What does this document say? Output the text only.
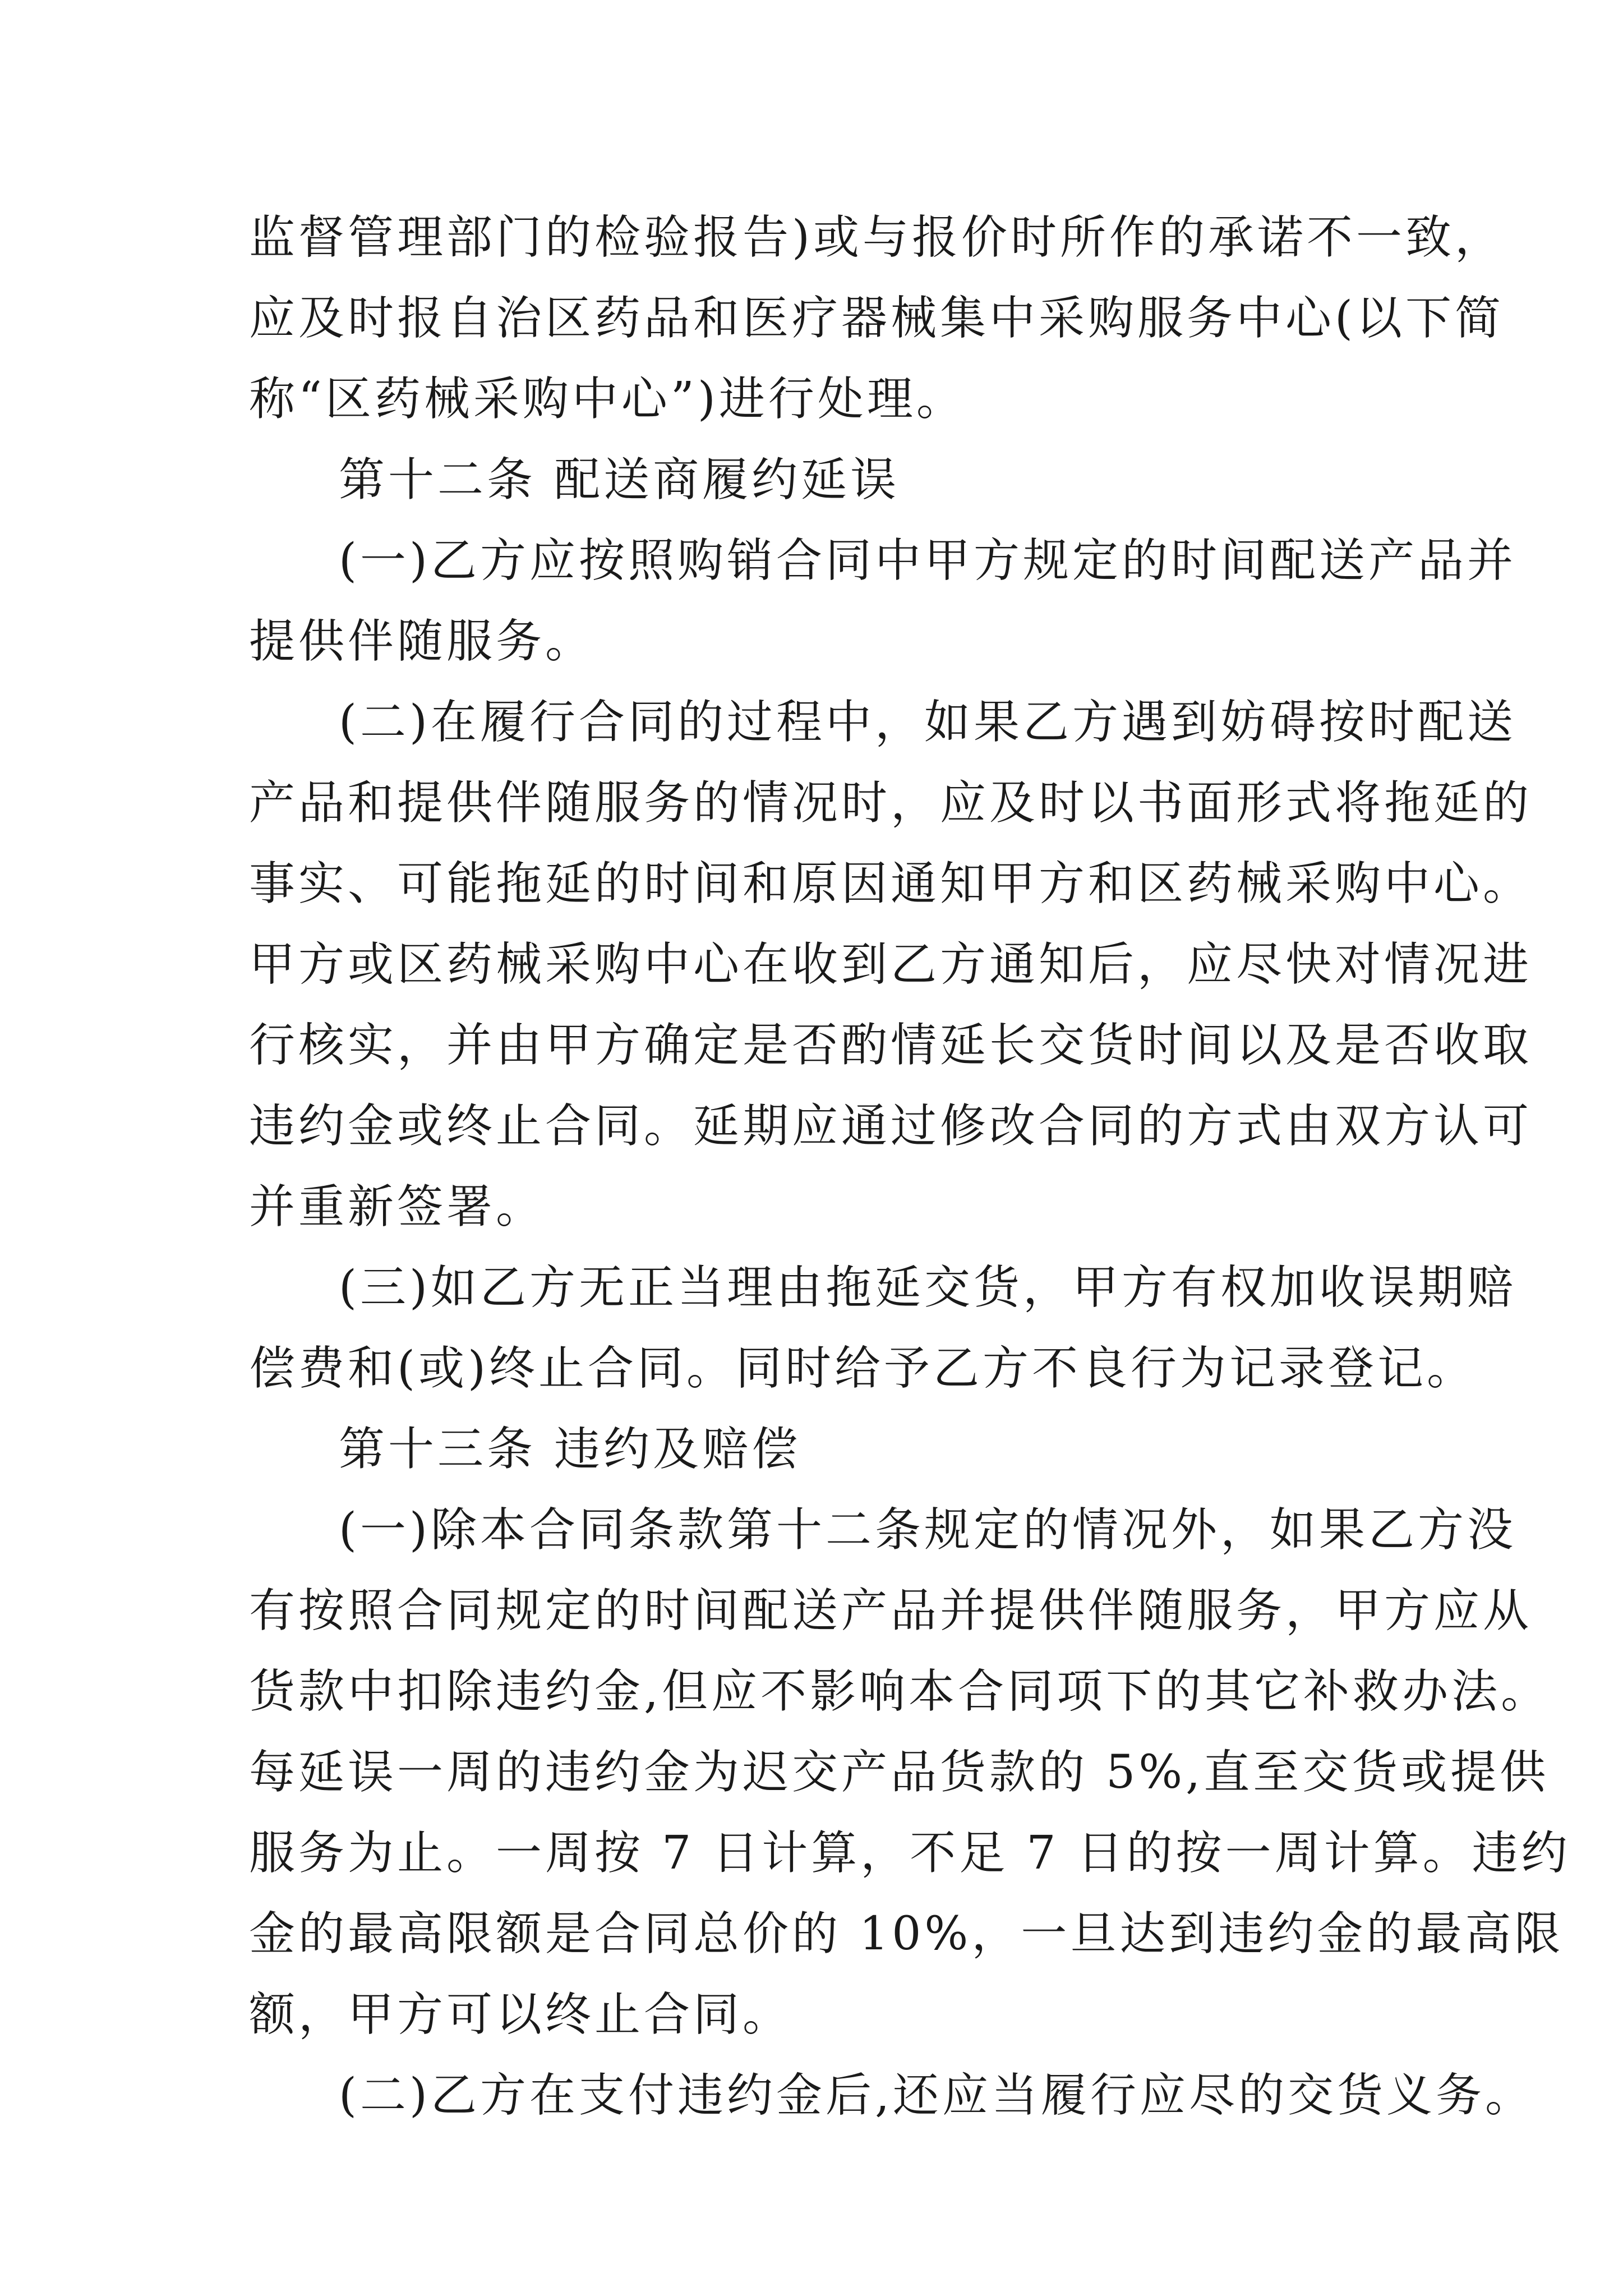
监督管理部门的检验报告)或与报价时所作的承诺不一致，
应及时报自治区药品和医疗器械集中采购服务中心(以下简
称“区药械采购中心”)进行处理。
第十二条 配送商履约延误
(一)乙方应按照购销合同中甲方规定的时间配送产品并
提供伴随服务。
(二)在履行合同的过程中，如果乙方遇到妨碍按时配送
产品和提供伴随服务的情况时，应及时以书面形式将拖延的
事实、可能拖延的时间和原因通知甲方和区药械采购中心。
甲方或区药械采购中心在收到乙方通知后，应尽快对情况进
行核实，并由甲方确定是否酌情延长交货时间以及是否收取
违约金或终止合同。延期应通过修改合同的方式由双方认可
并重新签署。
(三)如乙方无正当理由拖延交货，甲方有权加收误期赔
偿费和(或)终止合同。同时给予乙方不良行为记录登记。
第十三条 违约及赔偿
(一)除本合同条款第十二条规定的情况外，如果乙方没
有按照合同规定的时间配送产品并提供伴随服务，甲方应从
货款中扣除违约金,但应不影响本合同项下的其它补救办法。
每延误一周的违约金为迟交产品货款的 5%,直至交货或提供
服务为止。一周按 7 日计算，不足 7 日的按一周计算。违约
金的最高限额是合同总价的 10%，一旦达到违约金的最高限
额，甲方可以终止合同。
(二)乙方在支付违约金后,还应当履行应尽的交货义务。
